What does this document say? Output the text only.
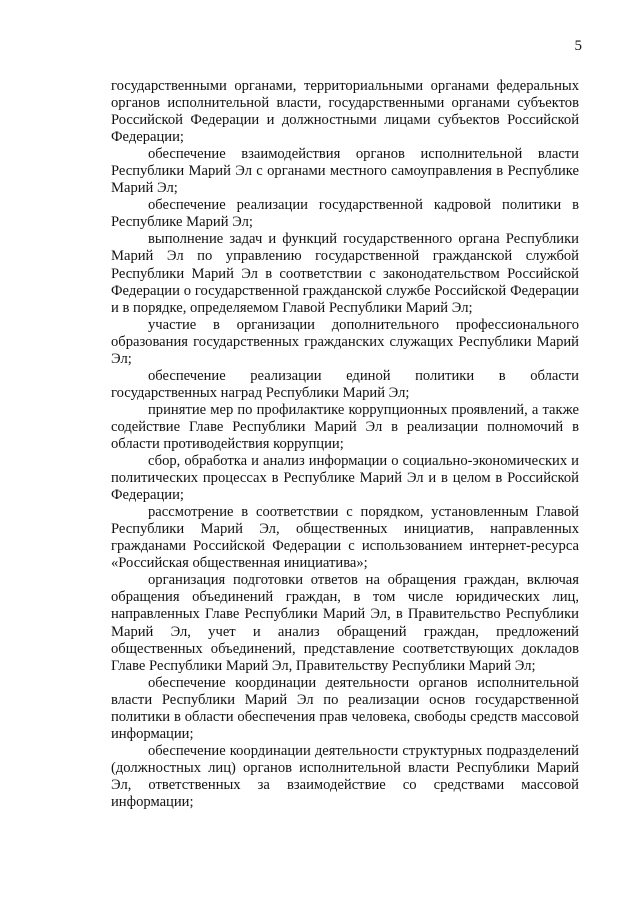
5

государственными органами, территориальными органами федеральных органов исполнительной власти, государственными органами субъектов Российской Федерации и должностными лицами субъектов Российской Федерации;

обеспечение взаимодействия органов исполнительной власти Республики Марий Эл с органами местного самоуправления в Республике Марий Эл;

обеспечение реализации государственной кадровой политики в Республике Марий Эл;

выполнение задач и функций государственного органа Республики Марий Эл по управлению государственной гражданской службой Республики Марий Эл в соответствии с законодательством Российской Федерации о государственной гражданской службе Российской Федерации и в порядке, определяемом Главой Республики Марий Эл;

участие в организации дополнительного профессионального образования государственных гражданских служащих Республики Марий Эл;

обеспечение реализации единой политики в области государственных наград Республики Марий Эл;

принятие мер по профилактике коррупционных проявлений, а также содействие Главе Республики Марий Эл в реализации полномочий в области противодействия коррупции;

сбор, обработка и анализ информации о социально-экономических и политических процессах в Республике Марий Эл и в целом в Российской Федерации;

рассмотрение в соответствии с порядком, установленным Главой Республики Марий Эл, общественных инициатив, направленных гражданами Российской Федерации с использованием интернет-ресурса «Российская общественная инициатива»;

организация подготовки ответов на обращения граждан, включая обращения объединений граждан, в том числе юридических лиц, направленных Главе Республики Марий Эл, в Правительство Республики Марий Эл, учет и анализ обращений граждан, предложений общественных объединений, представление соответствующих докладов Главе Республики Марий Эл, Правительству Республики Марий Эл;

обеспечение координации деятельности органов исполнительной власти Республики Марий Эл по реализации основ государственной политики в области обеспечения прав человека, свободы средств массовой информации;

обеспечение координации деятельности структурных подразделений (должностных лиц) органов исполнительной власти Республики Марий Эл, ответственных за взаимодействие со средствами массовой информации;
